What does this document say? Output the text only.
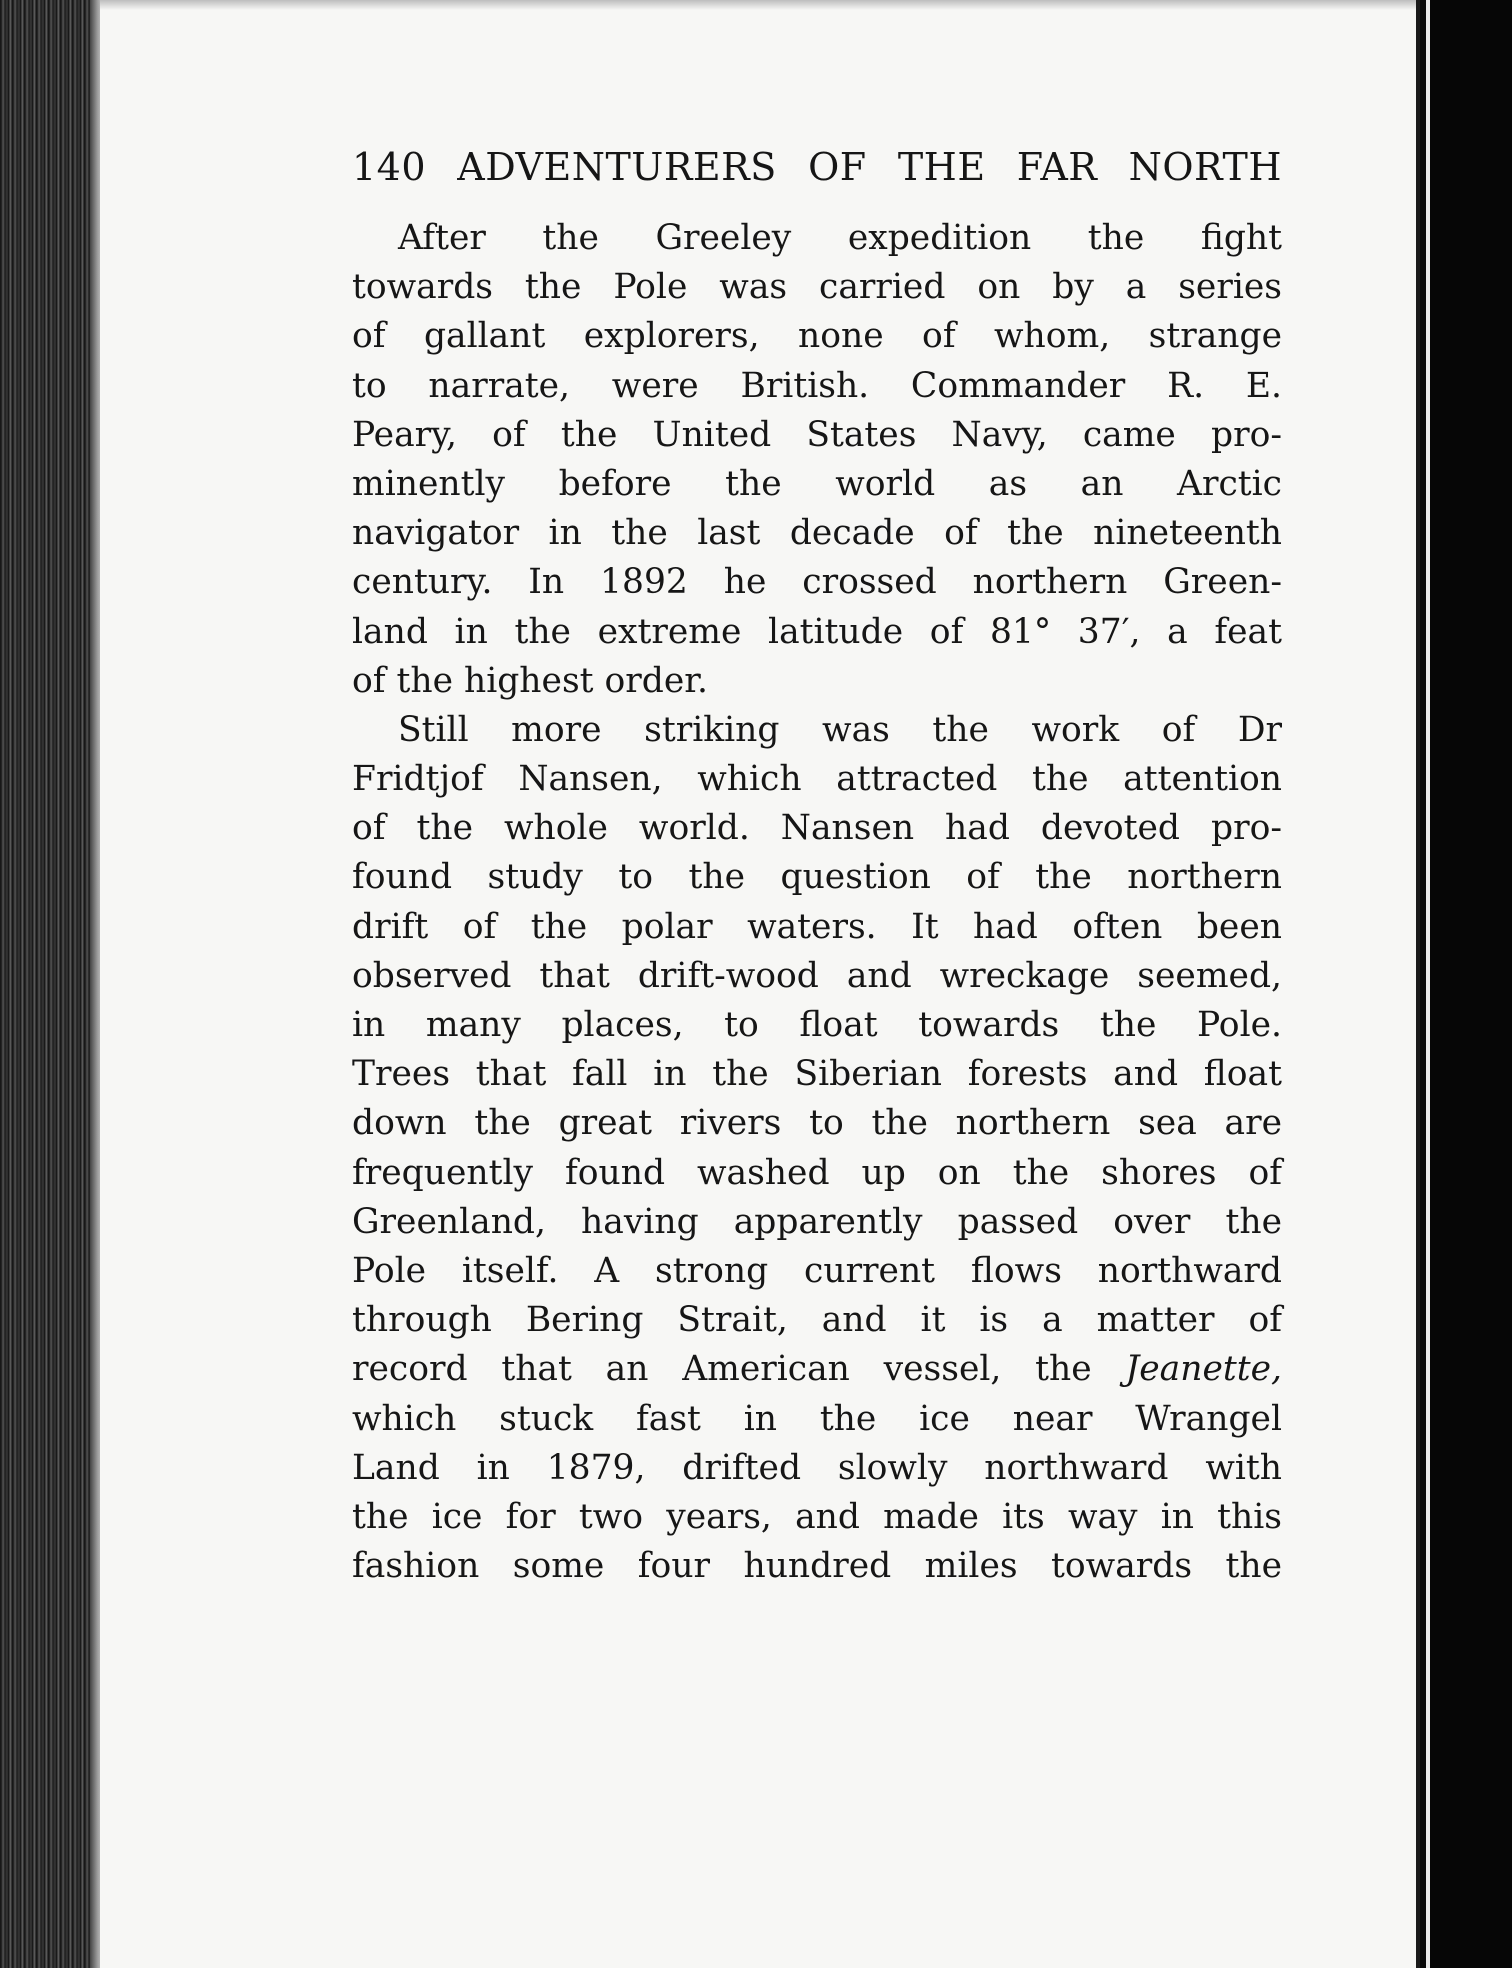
140 ADVENTURERS OF THE FAR NORTH
After the Greeley expedition the fight
towards the Pole was carried on by a series
of gallant explorers, none of whom, strange
to narrate, were British. Commander R. E.
Peary, of the United States Navy, came pro-
minently before the world as an Arctic
navigator in the last decade of the nineteenth
century. In 1892 he crossed northern Green-
land in the extreme latitude of 81° 37′, a feat
of the highest order.
Still more striking was the work of Dr
Fridtjof Nansen, which attracted the attention
of the whole world. Nansen had devoted pro-
found study to the question of the northern
drift of the polar waters. It had often been
observed that drift-wood and wreckage seemed,
in many places, to float towards the Pole.
Trees that fall in the Siberian forests and float
down the great rivers to the northern sea are
frequently found washed up on the shores of
Greenland, having apparently passed over the
Pole itself. A strong current flows northward
through Bering Strait, and it is a matter of
record that an American vessel, the Jeanette,
which stuck fast in the ice near Wrangel
Land in 1879, drifted slowly northward with
the ice for two years, and made its way in this
fashion some four hundred miles towards the
